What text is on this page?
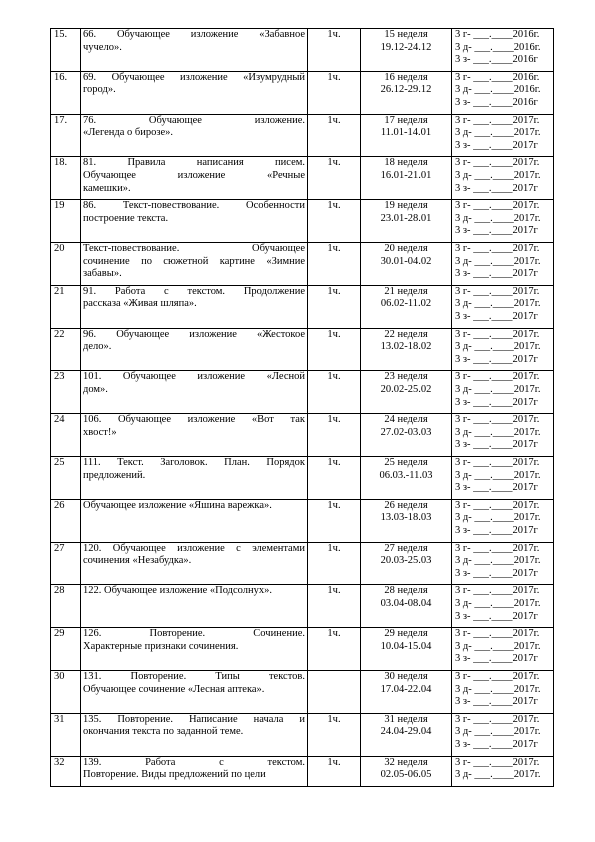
15.	66. Обучающее изложение «Забавное
чучело».	1ч.	15 неделя
19.12-24.12	3 г- ___.____2016г.
3 д- ___.____2016г.
3 з- ___.____2016г

16.	69. Обучающее изложение «Изумрудный
город».	1ч.	16 неделя
26.12-29.12	3 г- ___.____2016г.
3 д- ___.____2016г.
3 з- ___.____2016г

17.	76. Обучающее изложение.
«Легенда о бирозе».	1ч.	17 неделя
11.01-14.01	3 г- ___.____2017г.
3 д- ___.____2017г.
3 з- ___.____2017г

18.	81. Правила написания писем.
Обучающее изложение «Речные
камешки».	1ч.	18 неделя
16.01-21.01	3 г- ___.____2017г.
3 д- ___.____2017г.
3 з- ___.____2017г

19	86. Текст-повествование. Особенности
построение текста.	1ч.	19 неделя
23.01-28.01	3 г- ___.____2017г.
3 д- ___.____2017г.
3 з- ___.____2017г

20	Текст-повествование. Обучающее
сочинение по сюжетной картине «Зимние
забавы».	1ч.	20 неделя
30.01-04.02	3 г- ___.____2017г.
3 д- ___.____2017г.
3 з- ___.____2017г

21	91. Работа с текстом. Продолжение
рассказа «Живая шляпа».	1ч.	21 неделя
06.02-11.02	3 г- ___.____2017г.
3 д- ___.____2017г.
3 з- ___.____2017г

22	96. Обучающее изложение «Жестокое
дело».	1ч.	22 неделя
13.02-18.02	3 г- ___.____2017г.
3 д- ___.____2017г.
3 з- ___.____2017г

23	101. Обучающее изложение «Лесной
дом».	1ч.	23 неделя
20.02-25.02	3 г- ___.____2017г.
3 д- ___.____2017г.
3 з- ___.____2017г

24	106. Обучающее изложение «Вот так
хвост!»	1ч.	24 неделя
27.02-03.03	3 г- ___.____2017г.
3 д- ___.____2017г.
3 з- ___.____2017г

25	111. Текст. Заголовок. План. Порядок
предложений.	1ч.	25 неделя
06.03.-11.03	3 г- ___.____2017г.
3 д- ___.____2017г.
3 з- ___.____2017г

26	Обучающее изложение «Яшина варежка».	1ч.	26 неделя
13.03-18.03	3 г- ___.____2017г.
3 д- ___.____2017г.
3 з- ___.____2017г

27	120. Обучающее изложение с элементами
сочинения «Незабудка».	1ч.	27 неделя
20.03-25.03	3 г- ___.____2017г.
3 д- ___.____2017г.
3 з- ___.____2017г

28	122. Обучающее изложение «Подсолнух».	1ч.	28 неделя
03.04-08.04	3 г- ___.____2017г.
3 д- ___.____2017г.
3 з- ___.____2017г

29	126. Повторение. Сочинение.
Характерные признаки сочинения.	1ч.	29 неделя
10.04-15.04	3 г- ___.____2017г.
3 д- ___.____2017г.
3 з- ___.____2017г

30	131. Повторение. Типы текстов.
Обучающее сочинение «Лесная аптека».		30 неделя
17.04-22.04	3 г- ___.____2017г.
3 д- ___.____2017г.
3 з- ___.____2017г

31	135. Повторение. Написание начала и
окончания текста по заданной теме.	1ч.	31 неделя
24.04-29.04	3 г- ___.____2017г.
3 д- ___.____2017г.
3 з- ___.____2017г

32	139. Работа с текстом.
Повторение. Виды предложений по цели	1ч.	32 неделя
02.05-06.05	3 г- ___.____2017г.
3 д- ___.____2017г.
